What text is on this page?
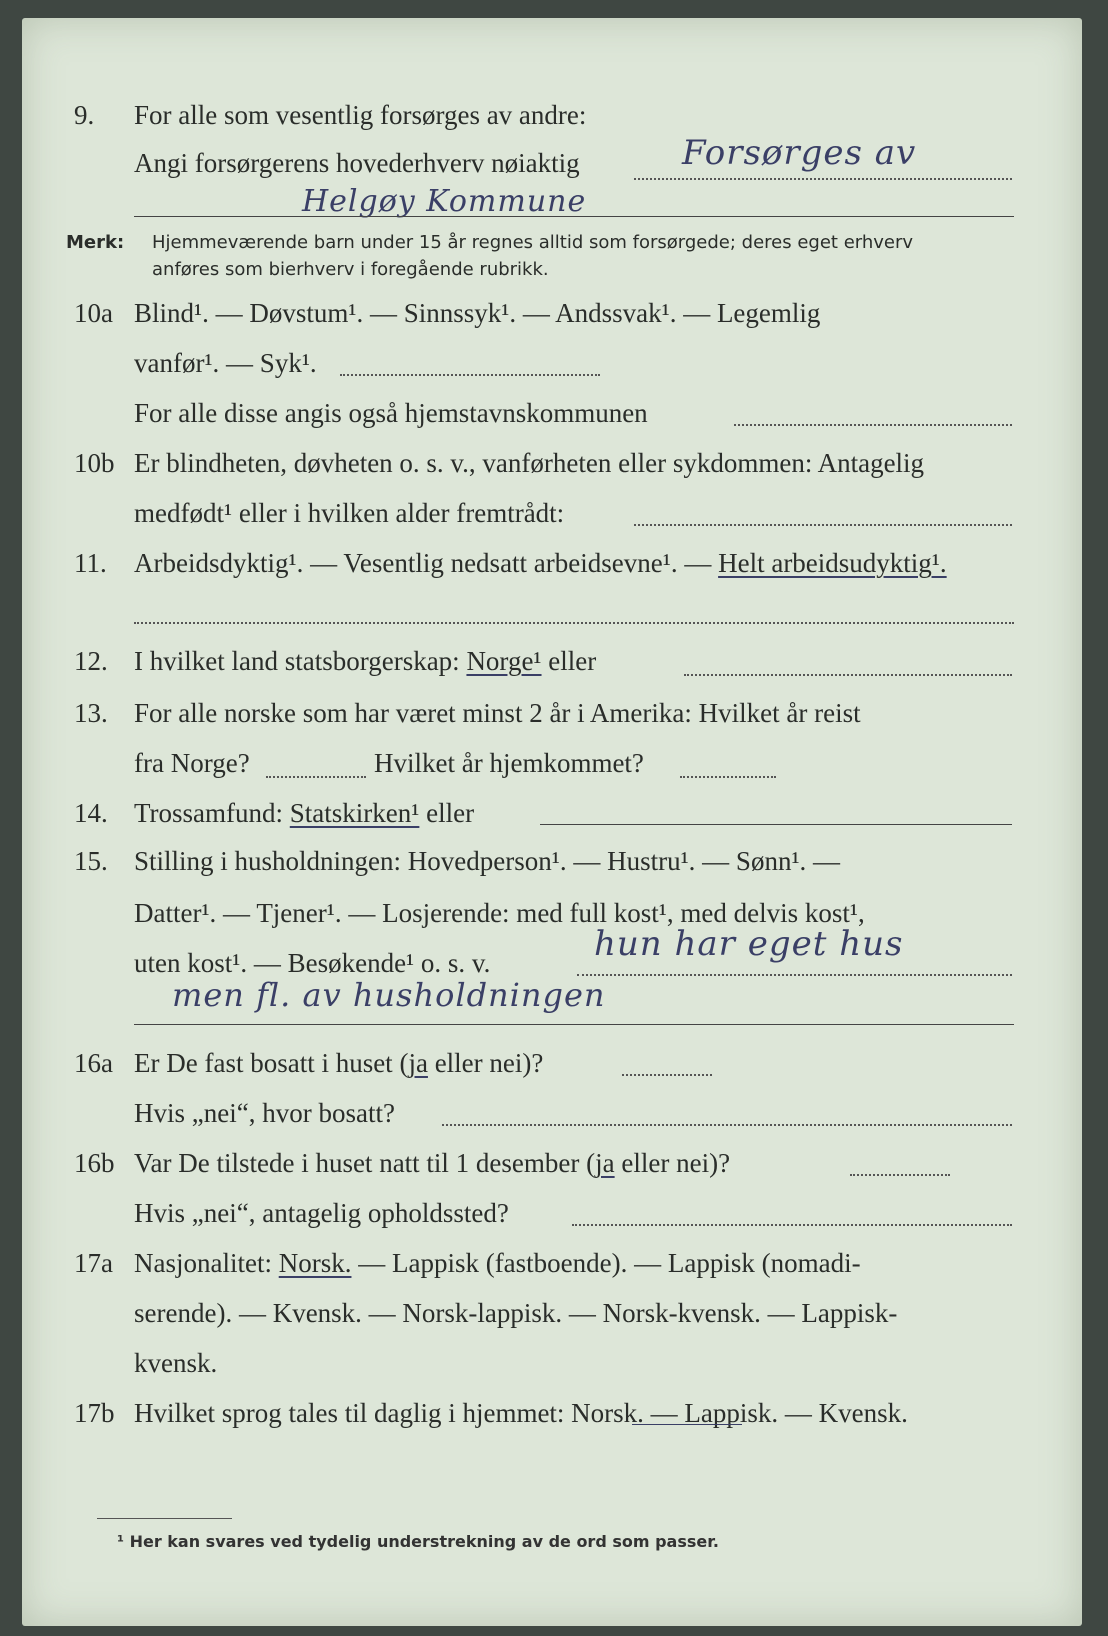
9. For alle som vesentlig forsørges av andre:
Angi forsørgerens hovederhverv nøiaktig	Forsørges av
Helgøy Kommune
Merk: Hjemmeværende barn under 15 år regnes alltid som forsørgede; deres eget erhverv
anføres som bierhverv i foregående rubrikk.
10a Blind¹. — Døvstum¹. — Sinnssyk¹. — Andssvak¹. — Legemlig
vanfør¹. — Syk¹.
For alle disse angis også hjemstavnskommunen
10b Er blindheten, døvheten o. s. v., vanførheten eller sykdommen: Antagelig
medfødt¹ eller i hvilken alder fremtrådt:
11. Arbeidsdyktig¹. — Vesentlig nedsatt arbeidsevne¹. — Helt arbeidsudyktig¹.
12. I hvilket land statsborgerskap: Norge¹ eller
13. For alle norske som har været minst 2 år i Amerika: Hvilket år reist
fra Norge?	Hvilket år hjemkommet?
14. Trossamfund: Statskirken¹ eller
15. Stilling i husholdningen: Hovedperson¹. — Hustru¹. — Sønn¹. —
Datter¹. — Tjener¹. — Losjerende: med full kost¹, med delvis kost¹,
uten kost¹. — Besøkende¹ o. s. v.	hun har eget hus
men fl. av husholdningen
16a Er De fast bosatt i huset (ja eller nei)?
Hvis „nei“, hvor bosatt?
16b Var De tilstede i huset natt til 1 desember (ja eller nei)?
Hvis „nei“, antagelig opholdssted?
17a Nasjonalitet: Norsk. — Lappisk (fastboende). — Lappisk (nomadi-
serende). — Kvensk. — Norsk-lappisk. — Norsk-kvensk. — Lappisk-
kvensk.
17b Hvilket sprog tales til daglig i hjemmet: Norsk. — Lappisk. — Kvensk.
¹ Her kan svares ved tydelig understrekning av de ord som passer.
